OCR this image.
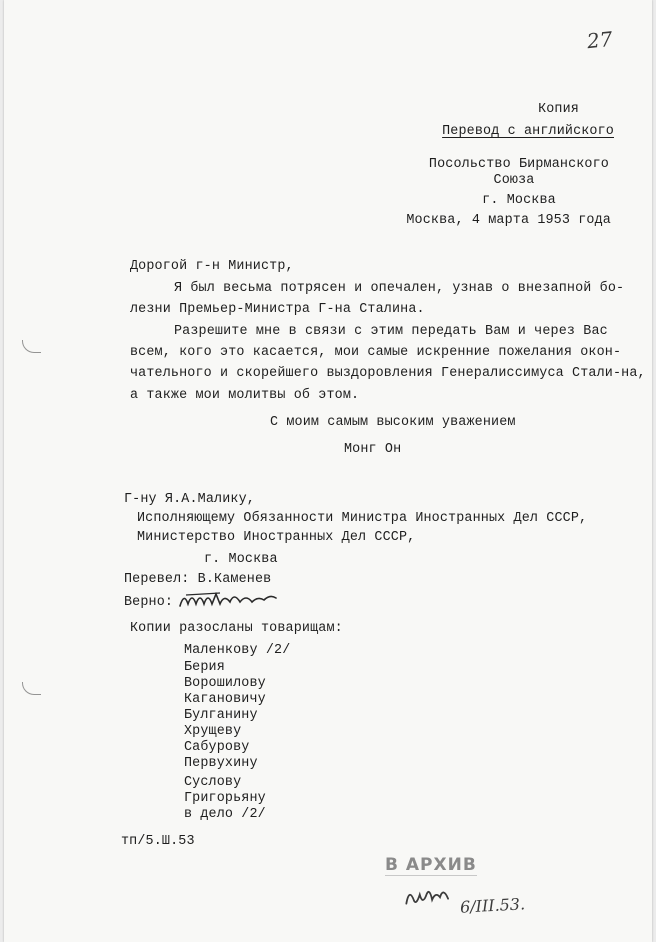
27

Копия

Перевод с английского

Посольство Бирманского

Союза

г. Москва

Москва, 4 марта 1953 года

Дорогой г-н Министр,

Я был весьма потрясен и опечален, узнав о внезапной бо-

лезни Премьер-Министра Г-на Сталина.

Разрешите мне в связи с этим передать Вам и через Вас

всем, кого это касается, мои самые искренние пожелания окон-

чательного и скорейшего выздоровления Генералиссимуса Стали-на,

а также мои молитвы об этом.

С моим самым высоким уважением

Монг Он

Г-ну Я.А.Малику,

Исполняющему Обязанности Министра Иностранных Дел СССР,

Министерство Иностранных Дел СССР,

г. Москва

Перевел: В.Каменев

Верно:

Копии разосланы товарищам:

Маленкову /2/

Берия

Ворошилову

Кагановичу

Булганину

Хрущеву

Сабурову

Первухину

Суслову

Григорьяну

в дело /2/

тп/5.Ш.53

В АРХИВ
6/III.53.
